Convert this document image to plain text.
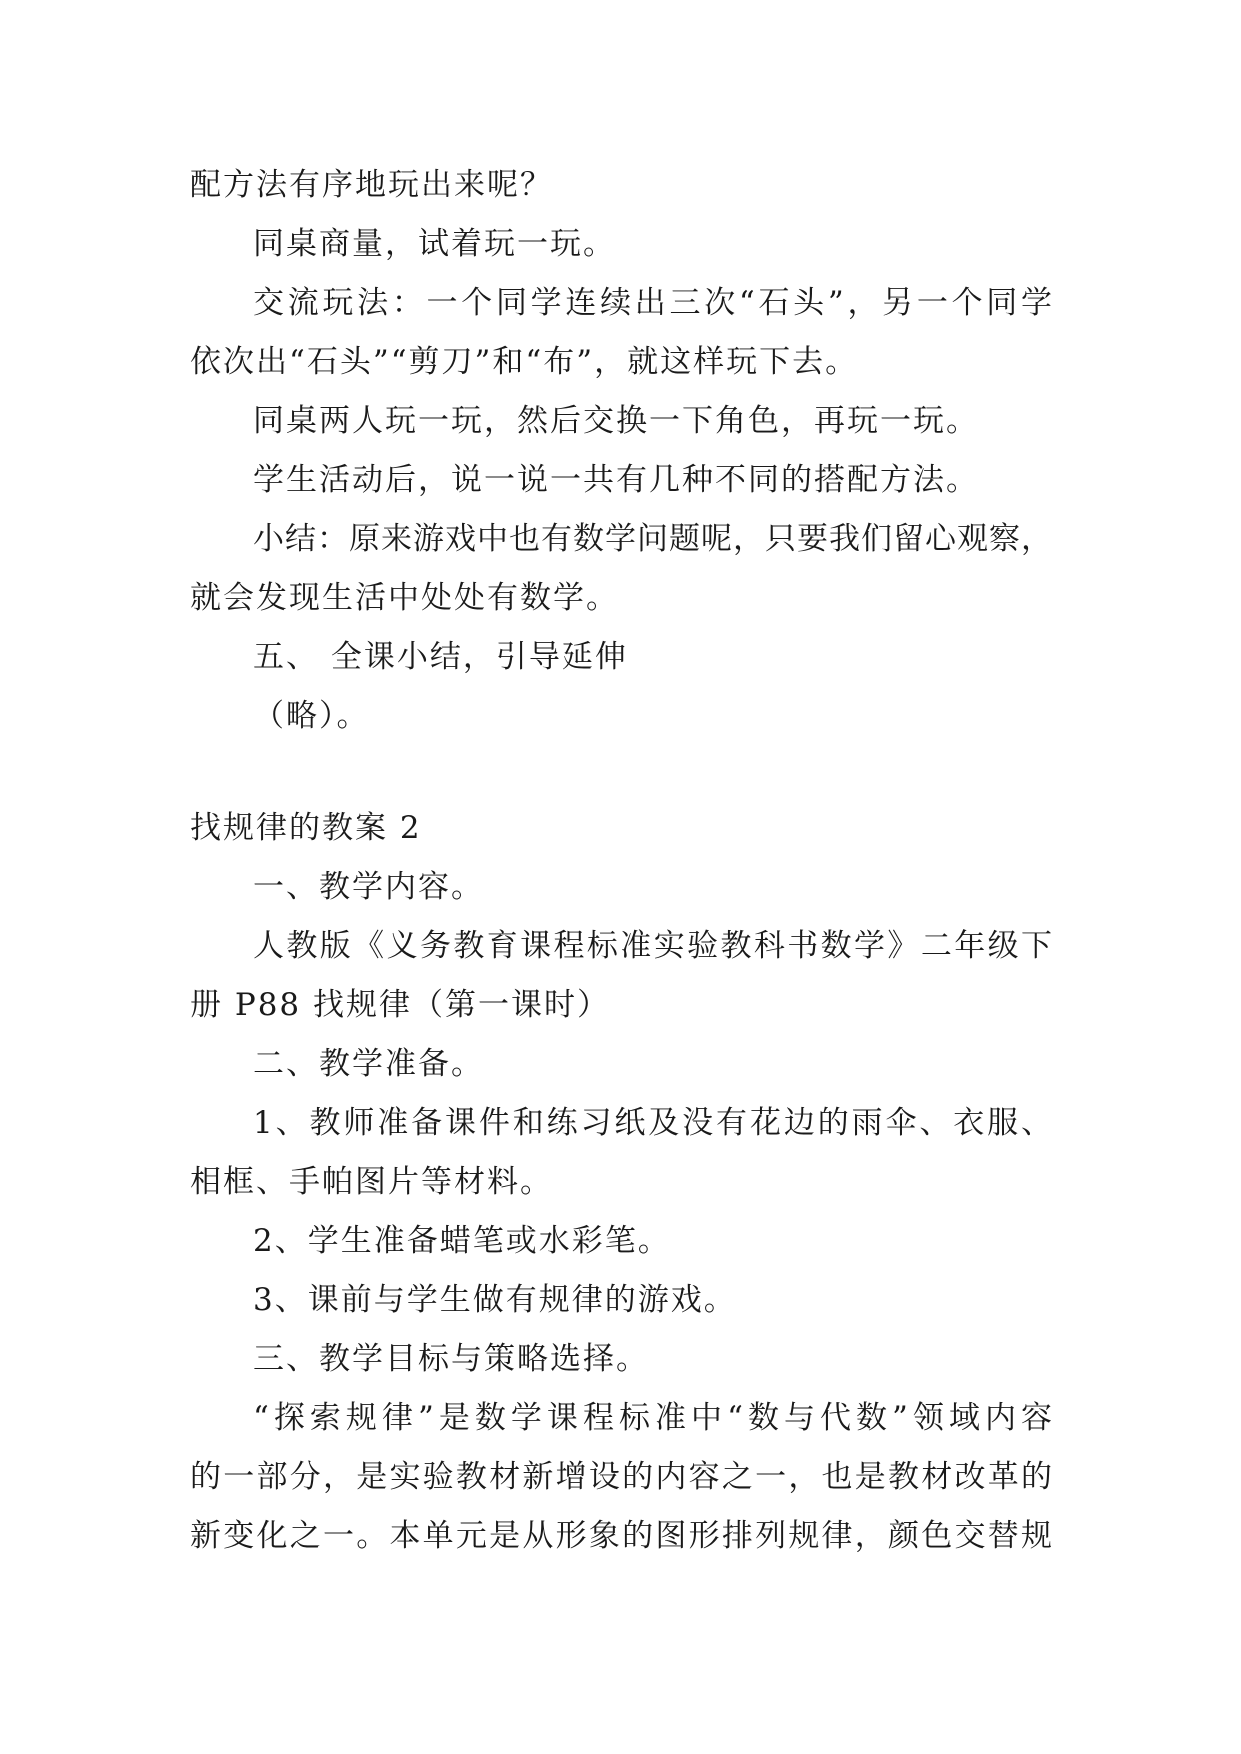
配方法有序地玩出来呢？
同桌商量，试着玩一玩。
交流玩法：一个同学连续出三次“石头”，另一个同学
依次出“石头”“剪刀”和“布”，就这样玩下去。
同桌两人玩一玩，然后交换一下角色，再玩一玩。
学生活动后，说一说一共有几种不同的搭配方法。
小结：原来游戏中也有数学问题呢，只要我们留心观察，
就会发现生活中处处有数学。
五、 全课小结，引导延伸
（略）。
找规律的教案 2
一、教学内容。
人教版《义务教育课程标准实验教科书数学》二年级下
册 P88 找规律（第一课时）
二、教学准备。
1、教师准备课件和练习纸及没有花边的雨伞、衣服、
相框、手帕图片等材料。
2、学生准备蜡笔或水彩笔。
3、课前与学生做有规律的游戏。
三、教学目标与策略选择。
“探索规律”是数学课程标准中“数与代数”领域内容
的一部分，是实验教材新增设的内容之一，也是教材改革的
新变化之一。本单元是从形象的图形排列规律，颜色交替规
